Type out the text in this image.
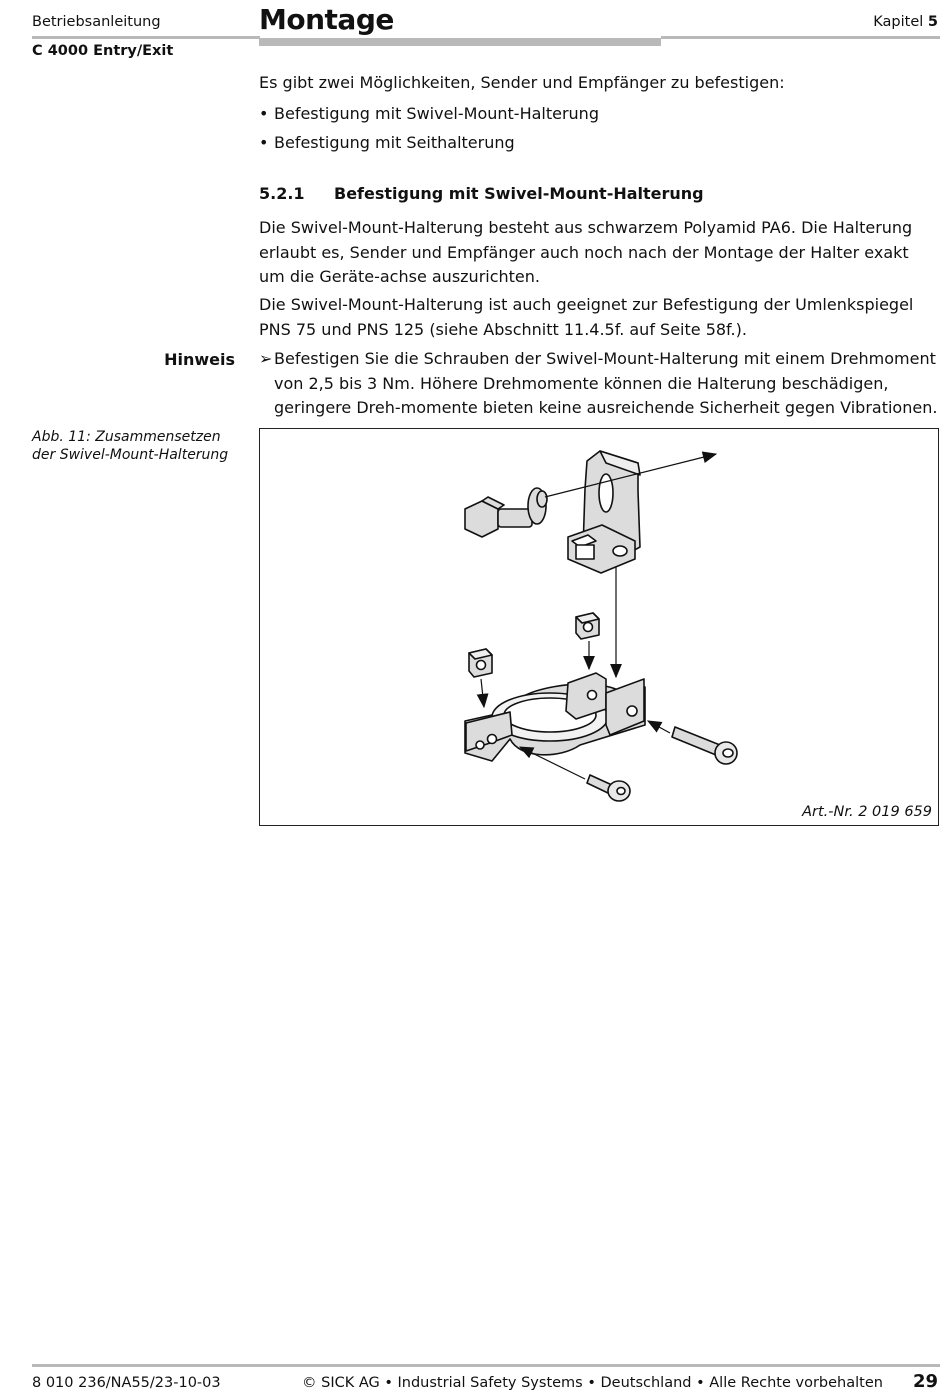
Betriebsanleitung
C 4000 Entry/Exit
Montage	Kapitel 5
Es gibt zwei Möglichkeiten, Sender und Empfänger zu befestigen:
• Befestigung mit Swivel-Mount-Halterung
• Befestigung mit Seithalterung
5.2.1 Befestigung mit Swivel-Mount-Halterung
Die Swivel-Mount-Halterung besteht aus schwarzem Polyamid PA6. Die Halterung erlaubt es, Sender und Empfänger auch noch nach der Montage der Halter exakt um die Geräte-achse auszurichten.
Die Swivel-Mount-Halterung ist auch geeignet zur Befestigung der Umlenkspiegel PNS 75 und PNS 125 (siehe Abschnitt 11.4.5f. auf Seite 58f.).
Hinweis ➢ Befestigen Sie die Schrauben der Swivel-Mount-Halterung mit einem Drehmoment von 2,5 bis 3 Nm. Höhere Drehmomente können die Halterung beschädigen, geringere Dreh-momente bieten keine ausreichende Sicherheit gegen Vibrationen.
Abb. 11: Zusammensetzen der Swivel-Mount-Halterung
Art.-Nr. 2 019 659
8 010 236/NA55/23-10-03	© SICK AG • Industrial Safety Systems • Deutschland • Alle Rechte vorbehalten 29
